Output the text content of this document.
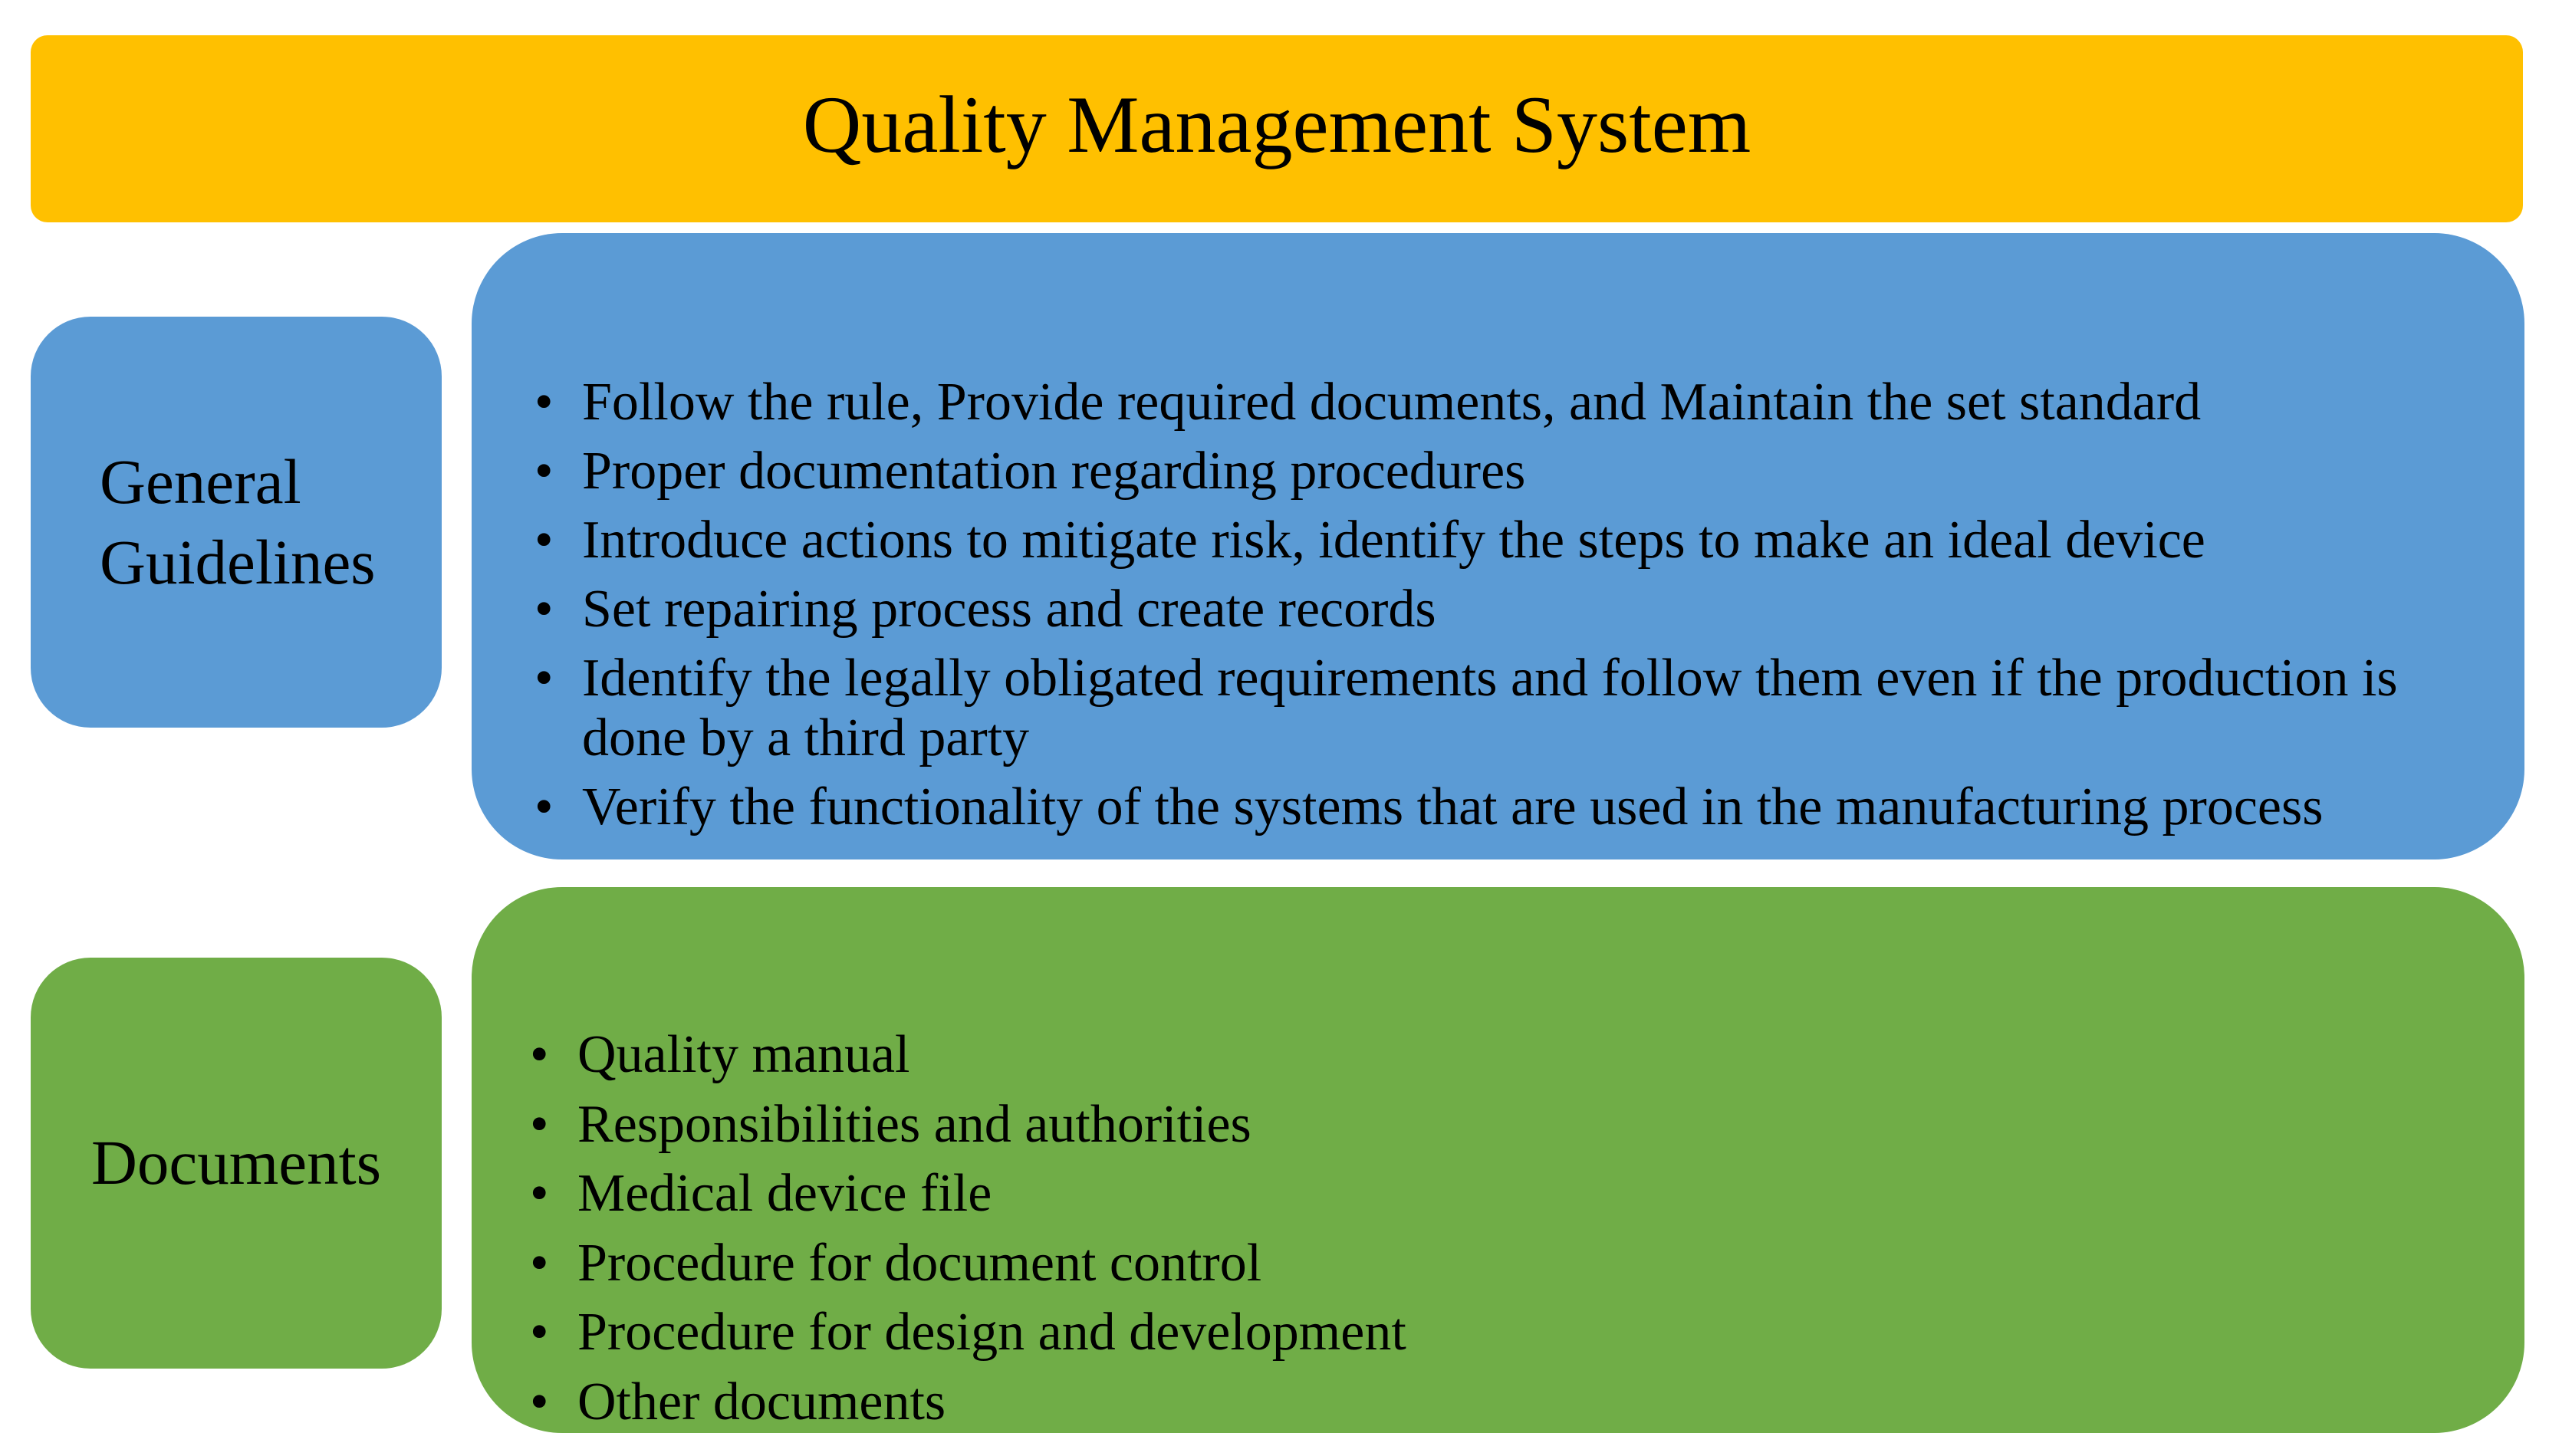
Quality Management System
General
Guidelines
• Follow the rule, Provide required documents, and Maintain the set standard
• Proper documentation regarding procedures
• Introduce actions to mitigate risk, identify the steps to make an ideal device
• Set repairing process and create records
• Identify the legally obligated requirements and follow them even if the production is done by a third party
• Verify the functionality of the systems that are used in the manufacturing process
Documents
• Quality manual
• Responsibilities and authorities
• Medical device file
• Procedure for document control
• Procedure for design and development
• Other documents
